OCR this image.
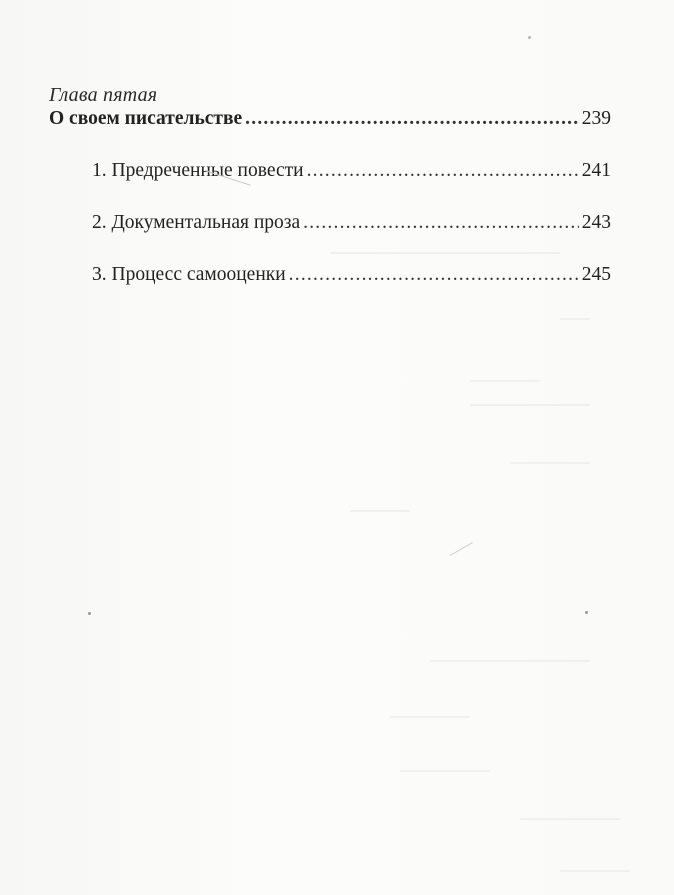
Глава пятая
О своем писательстве .....	239
1. Предреченные повести .....	241
2. Документальная проза .....	243
3. Процесс самооценки .....	245
